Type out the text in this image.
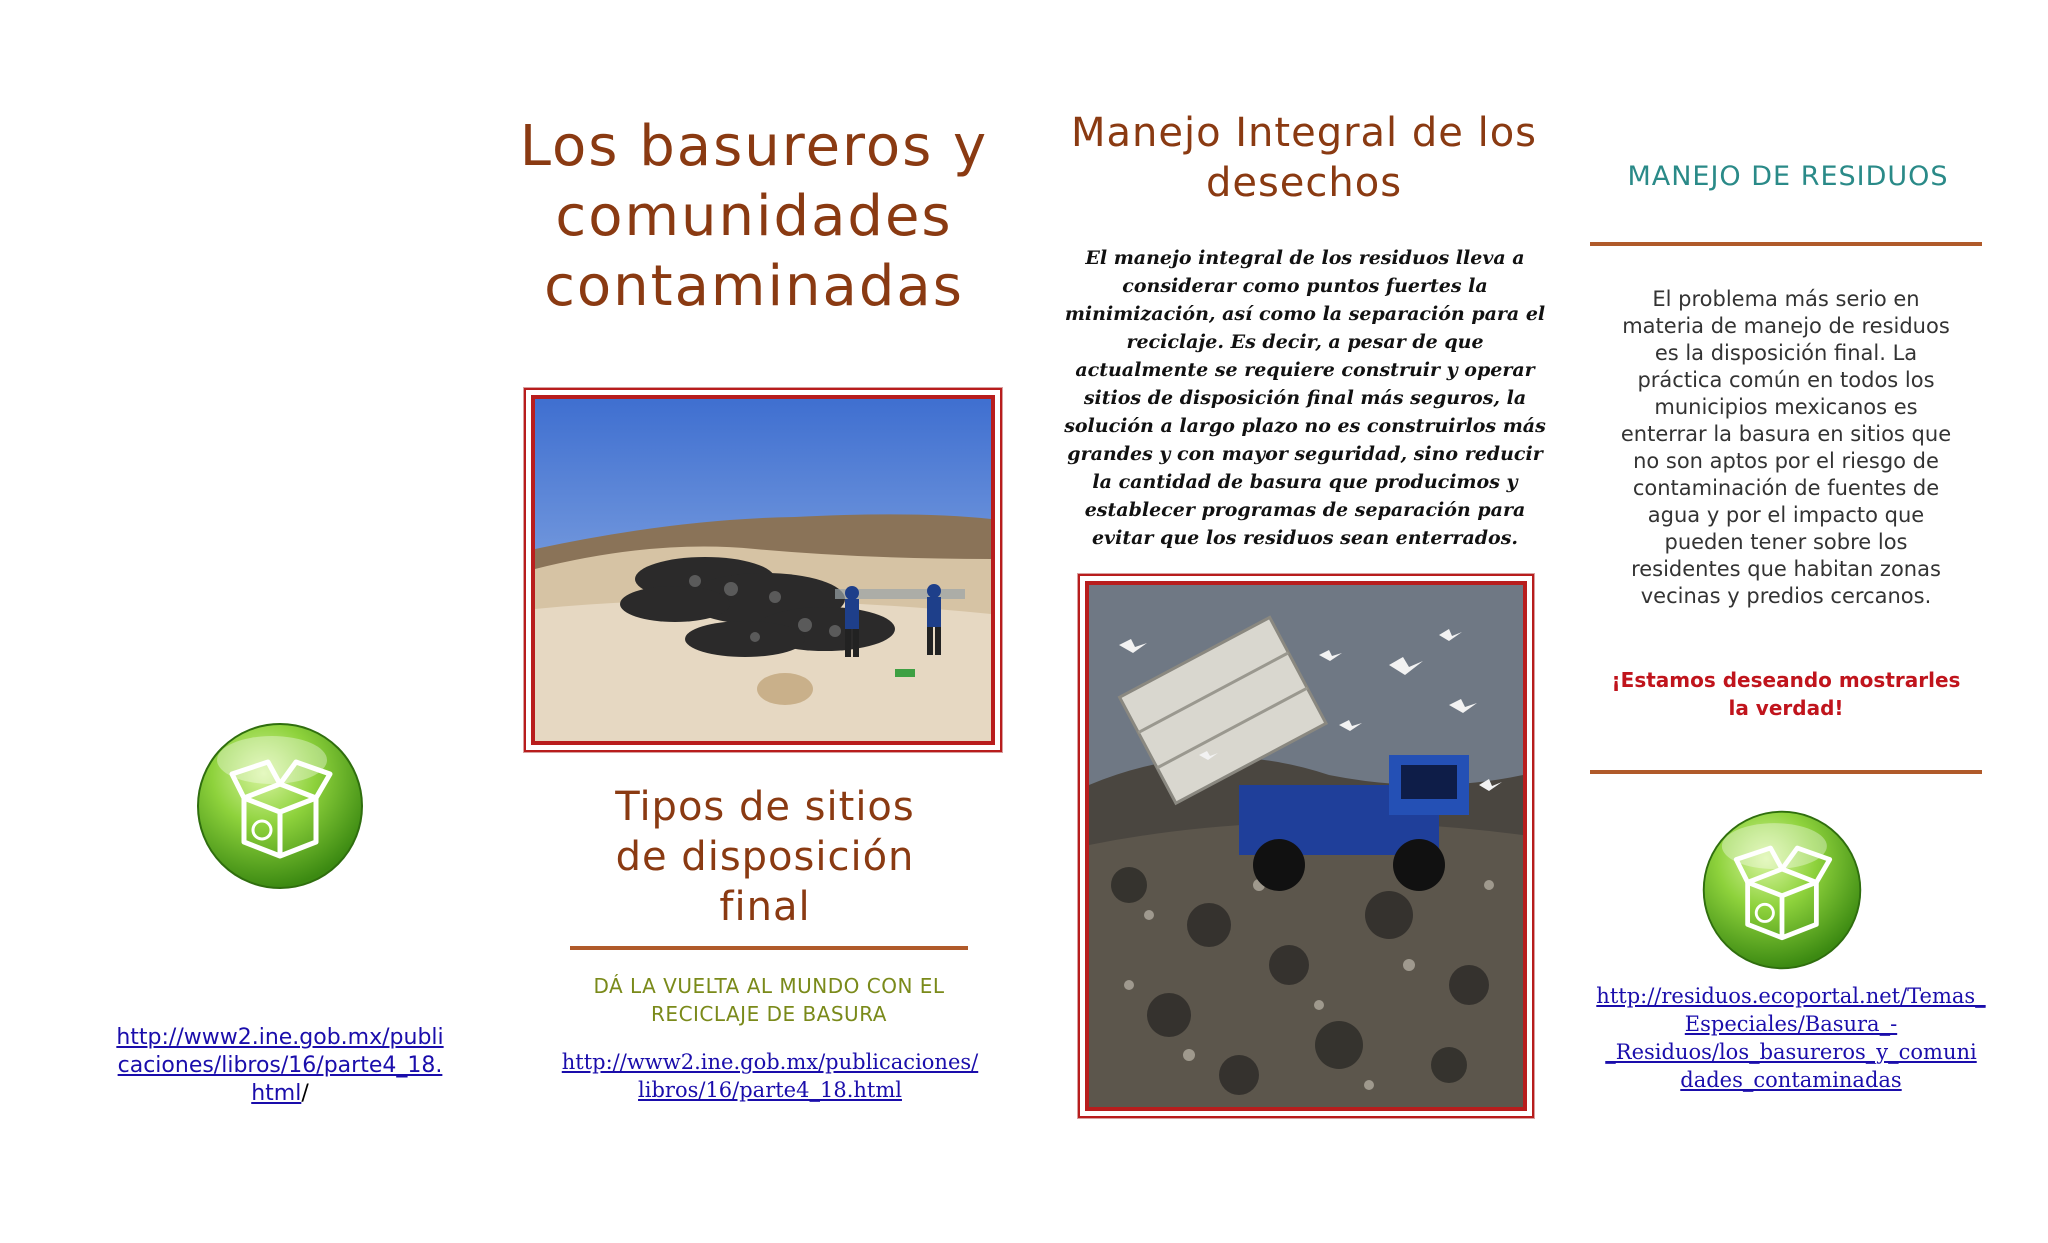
http://www2.ine.gob.mx/publi
caciones/libros/16/parte4_18.
html/
Los basureros y
comunidades
contaminadas
Tipos de sitios
de disposición
final
DÁ LA VUELTA AL MUNDO CON EL
RECICLAJE DE BASURA
http://www2.ine.gob.mx/publicaciones/
libros/16/parte4_18.html
Manejo Integral de los
desechos
El manejo integral de los residuos lleva a
considerar como puntos fuertes la
minimización, así como la separación para el
reciclaje. Es decir, a pesar de que
actualmente se requiere construir y operar
sitios de disposición final más seguros, la
solución a largo plazo no es construirlos más
grandes y con mayor seguridad, sino reducir
la cantidad de basura que producimos y
establecer programas de separación para
evitar que los residuos sean enterrados.
MANEJO DE RESIDUOS
El problema más serio en
materia de manejo de residuos
es la disposición final. La
práctica común en todos los
municipios mexicanos es
enterrar la basura en sitios que
no son aptos por el riesgo de
contaminación de fuentes de
agua y por el impacto que
pueden tener sobre los
residentes que habitan zonas
vecinas y predios cercanos.
¡Estamos deseando mostrarles
la verdad!
http://residuos.ecoportal.net/Temas_
Especiales/Basura_-
_Residuos/los_basureros_y_comuni
dades_contaminadas
